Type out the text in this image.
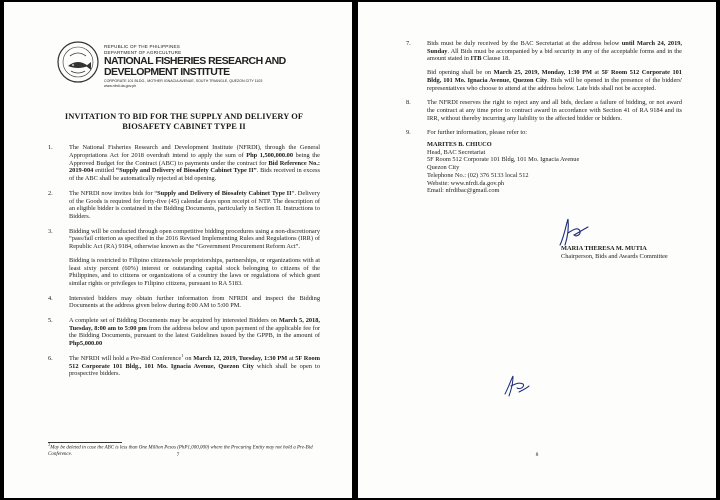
REPUBLIC OF THE PHILIPPINES
DEPARTMENT OF AGRICULTURE
NATIONAL FISHERIES RESEARCH AND DEVELOPMENT INSTITUTE
CORPORATE 101 BLDG., MOTHER IGNACIA AVENUE, SOUTH TRIANGLE, QUEZON CITY 1103
www.nfrdi.da.gov.ph
INVITATION TO BID FOR THE SUPPLY AND DELIVERY OF
BIOSAFETY CABINET TYPE II
1.	The National Fisheries Research and Development Institute (NFRDI), through the General Appropriations Act for 2018 overdraft intend to apply the sum of Php 1,500,000.00 being the Approved Budget for the Contract (ABC) to payments under the contract for Bid Reference No.: 2019-004 entitled “Supply and Delivery of Biosafety Cabinet Type II”. Bids received in excess of the ABC shall be automatically rejected at bid opening.
2.	The NFRDI now invites bids for “Supply and Delivery of Biosafety Cabinet Type II”. Delivery of the Goods is required for forty-five (45) calendar days upon receipt of NTP. The description of an eligible bidder is contained in the Bidding Documents, particularly in Section II. Instructions to Bidders.
3.	Bidding will be conducted through open competitive bidding procedures using a non-discretionary “pass/fail criterion as specified in the 2016 Revised Implementing Rules and Regulations (IRR) of Republic Act (RA) 9184, otherwise known as the “Government Procurement Reform Act”.

Bidding is restricted to Filipino citizens/sole proprietorships, partnerships, or organizations with at least sixty percent (60%) interest or outstanding capital stock belonging to citizens of the Philippines, and to citizens or organizations of a country the laws or regulations of which grant similar rights or privileges to Filipino citizens, pursuant to RA 5183.

4.	Interested bidders may obtain further information from NFRDI and inspect the Bidding Documents at the address given below during 8:00 AM to 5:00 PM.
5.	A complete set of Bidding Documents may be acquired by interested Bidders on March 5, 2018, Tuesday, 8:00 am to 5:00 pm from the address below and upon payment of the applicable fee for the Bidding Documents, pursuant to the latest Guidelines issued by the GPPB, in the amount of Php5,000.00
6.	The NFRDI will hold a Pre-Bid Conference$^1$ on March 12, 2019, Tuesday, 1:30 PM at 5F Room 512 Corporate 101 Bldg., 101 Mo. Ignacia Avenue, Quezon City which shall be open to prospective bidders.
$^1$May be deleted in case the ABC is less than One Million Pesos (PhP1,000,000) where the Procuring Entity may not hold a Pre-Bid Conference.	7
7.	Bids must be duly received by the BAC Secretariat at the address below until March 24, 2019, Sunday. All Bids must be accompanied by a bid security in any of the acceptable forms and in the amount stated in ITB Clause 18.

Bid opening shall be on March 25, 2019, Monday, 1:30 PM at 5F Room 512 Corporate 101 Bldg, 101 Mo. Ignacia Avenue, Quezon City. Bids will be opened in the presence of the bidders' representatives who choose to attend at the address below. Late bids shall not be accepted.

8.	The NFRDI reserves the right to reject any and all bids, declare a failure of bidding, or not award the contract at any time prior to contract award in accordance with Section 41 of RA 9184 and its IRR, without thereby incurring any liability to the affected bidder or bidders.
9.	For further information, please refer to:
MARITES B. CHIUCO
Head, BAC Secretariat
5F Room 512 Corporate 101 Bldg, 101 Mo. Ignacia Avenue
Quezon City
Telephone No.: (02) 376 5133 local 512
Website: www.nfrdi.da.gov.ph
Email: nfrdibac@gmail.com
MARIA THERESA M. MUTIA
Chairperson, Bids and Awards Committee
8
